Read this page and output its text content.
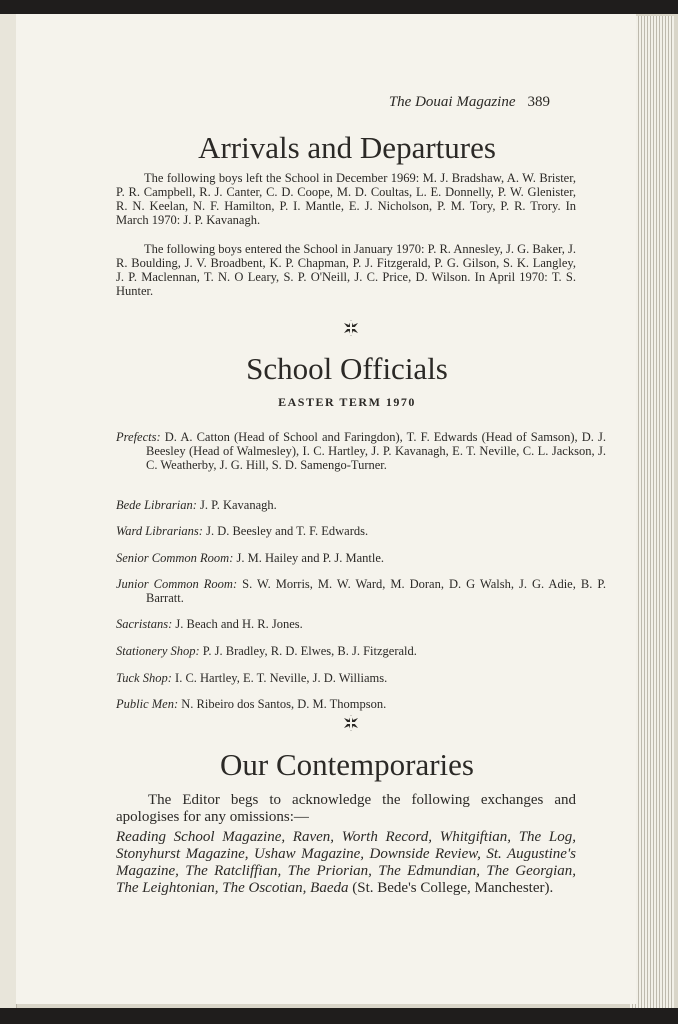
The Douai Magazine 389
Arrivals and Departures

The following boys left the School in December 1969: M. J. Bradshaw, A. W. Brister, P. R. Campbell, R. J. Canter, C. D. Coope, M. D. Coultas, L. E. Donnelly, P. W. Glenister, R. N. Keelan, N. F. Hamilton, P. I. Mantle, E. J. Nicholson, P. M. Tory, P. R. Trory. In March 1970: J. P. Kavanagh.

The following boys entered the School in January 1970: P. R. Annesley, J. G. Baker, J. R. Boulding, J. V. Broadbent, K. P. Chapman, P. J. Fitzgerald, P. G. Gilson, S. K. Langley, J. P. Maclennan, T. N. O Leary, S. P. O'Neill, J. C. Price, D. Wilson. In April 1970: T. S. Hunter.

School Officials
EASTER TERM 1970

Prefects: D. A. Catton (Head of School and Faringdon), T. F. Edwards (Head of Samson), D. J. Beesley (Head of Walmesley), I. C. Hartley, J. P. Kavanagh, E. T. Neville, C. L. Jackson, J. C. Weatherby, J. G. Hill, S. D. Samengo-Turner.

Bede Librarian: J. P. Kavanagh.

Ward Librarians: J. D. Beesley and T. F. Edwards.

Senior Common Room: J. M. Hailey and P. J. Mantle.

Junior Common Room: S. W. Morris, M. W. Ward, M. Doran, D. G Walsh, J. G. Adie, B. P. Barratt.

Sacristans: J. Beach and H. R. Jones.

Stationery Shop: P. J. Bradley, R. D. Elwes, B. J. Fitzgerald.

Tuck Shop: I. C. Hartley, E. T. Neville, J. D. Williams.

Public Men: N. Ribeiro dos Santos, D. M. Thompson.

Our Contemporaries

The Editor begs to acknowledge the following exchanges and apologises for any omissions:—

Reading School Magazine, Raven, Worth Record, Whitgiftian, The Log, Stonyhurst Magazine, Ushaw Magazine, Downside Review, St. Augustine's Magazine, The Ratcliffian, The Priorian, The Edmundian, The Georgian, The Leightonian, The Oscotian, Baeda (St. Bede's College, Manchester).
